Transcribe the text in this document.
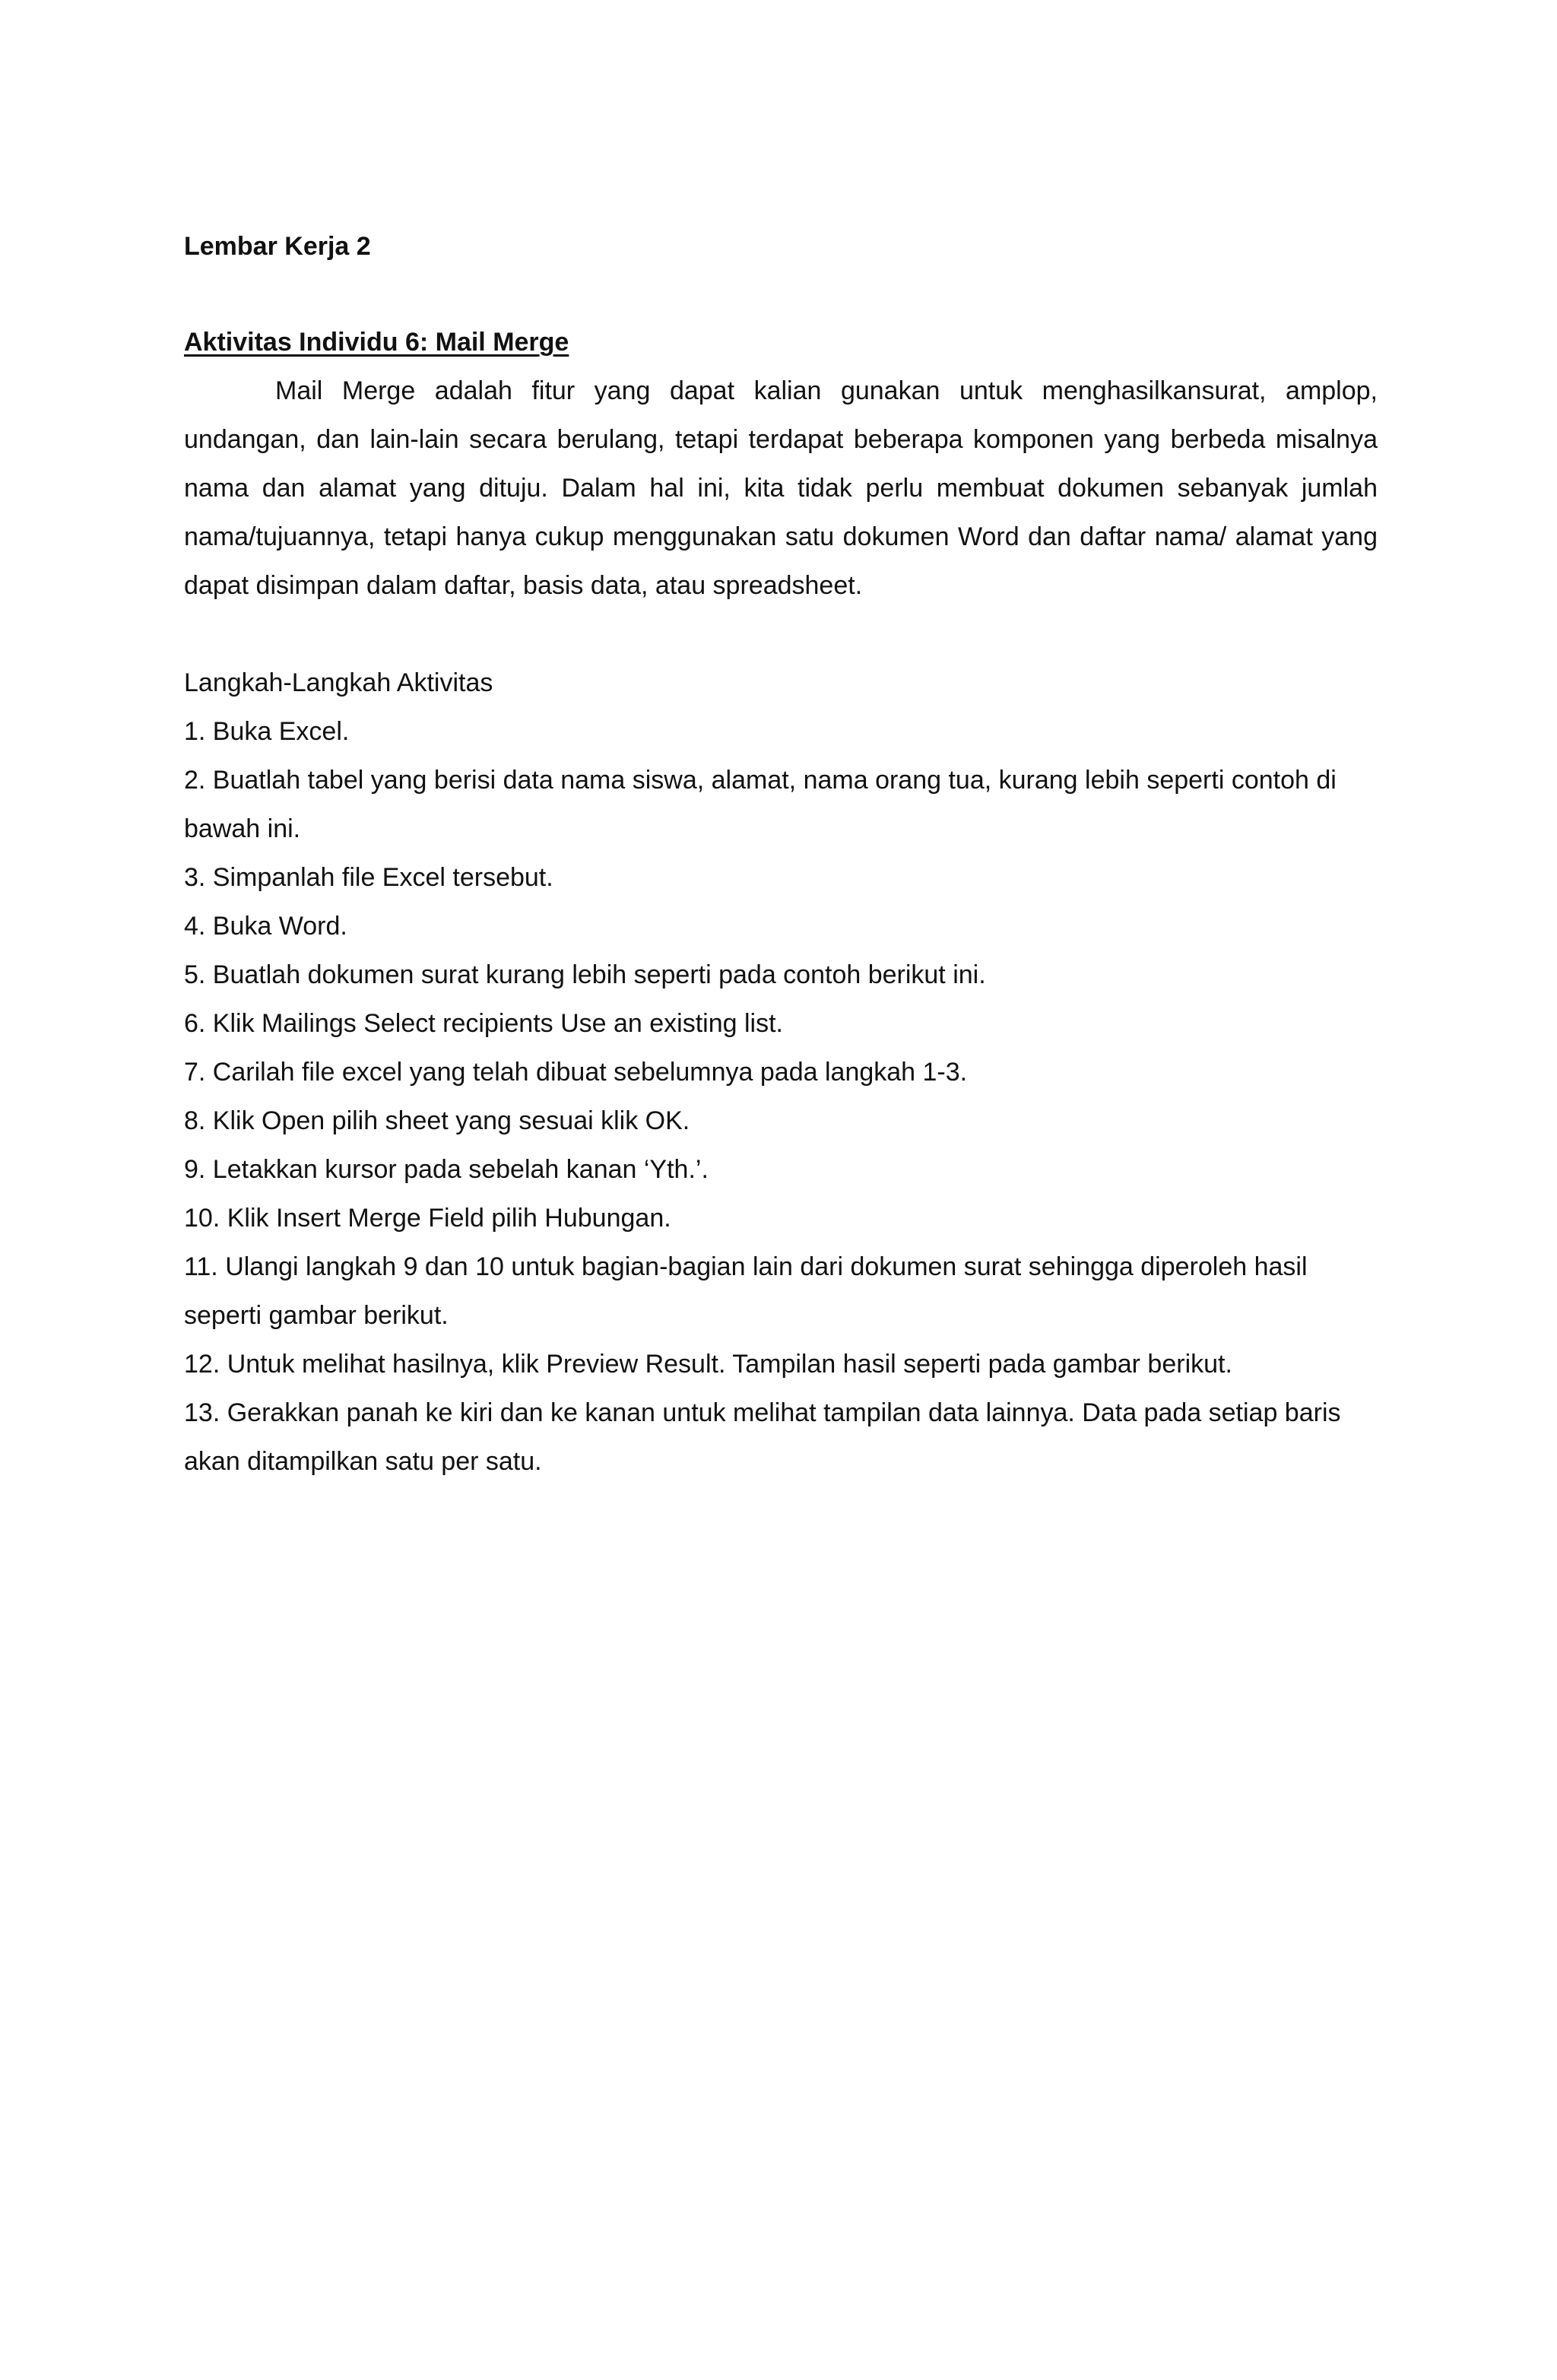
Lembar Kerja 2

Aktivitas Individu 6: Mail Merge

Mail Merge adalah fitur yang dapat kalian gunakan untuk menghasilkansurat, amplop, undangan, dan lain-lain secara berulang, tetapi terdapat beberapa komponen yang berbeda misalnya nama dan alamat yang dituju. Dalam hal ini, kita tidak perlu membuat dokumen sebanyak jumlah nama/tujuannya, tetapi hanya cukup menggunakan satu dokumen Word dan daftar nama/ alamat yang dapat disimpan dalam daftar, basis data, atau spreadsheet.

Langkah-Langkah Aktivitas

1. Buka Excel.
2. Buatlah tabel yang berisi data nama siswa, alamat, nama orang tua, kurang lebih seperti contoh di bawah ini.
3. Simpanlah file Excel tersebut.
4. Buka Word.
5. Buatlah dokumen surat kurang lebih seperti pada contoh berikut ini.
6. Klik Mailings Select recipients Use an existing list.
7. Carilah file excel yang telah dibuat sebelumnya pada langkah 1-3.
8. Klik Open pilih sheet yang sesuai klik OK.
9. Letakkan kursor pada sebelah kanan ‘Yth.’.
10. Klik Insert Merge Field pilih Hubungan.
11. Ulangi langkah 9 dan 10 untuk bagian-bagian lain dari dokumen surat sehingga diperoleh hasil seperti gambar berikut.
12. Untuk melihat hasilnya, klik Preview Result. Tampilan hasil seperti pada gambar berikut.
13. Gerakkan panah ke kiri dan ke kanan untuk melihat tampilan data lainnya. Data pada setiap baris akan ditampilkan satu per satu.
